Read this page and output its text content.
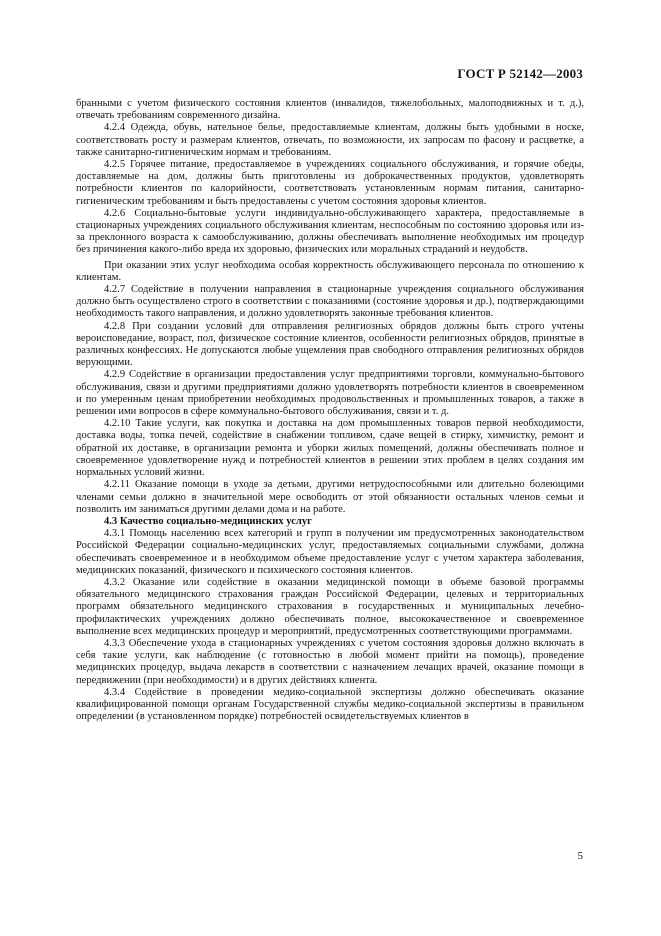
ГОСТ Р 52142—2003

бранными с учетом физического состояния клиентов (инвалидов, тяжелобольных, малоподвижных и т. д.), отвечать требованиям современного дизайна.

4.2.4 Одежда, обувь, нательное белье, предоставляемые клиентам, должны быть удобными в носке, соответствовать росту и размерам клиентов, отвечать, по возможности, их запросам по фасону и расцветке, а также санитарно-гигиеническим нормам и требованиям.

4.2.5 Горячее питание, предоставляемое в учреждениях социального обслуживания, и горячие обеды, доставляемые на дом, должны быть приготовлены из доброкачественных продуктов, удовлетворять потребности клиентов по калорийности, соответствовать установленным нормам питания, санитарно-гигиеническим требованиям и быть предоставлены с учетом состояния здоровья клиентов.

4.2.6 Социально-бытовые услуги индивидуально-обслуживающего характера, предоставляемые в стационарных учреждениях социального обслуживания клиентам, неспособным по состоянию здоровья или из-за преклонного возраста к самообслуживанию, должны обеспечивать выполнение необходимых им процедур без причинения какого-либо вреда их здоровью, физических или моральных страданий и неудобств.

При оказании этих услуг необходима особая корректность обслуживающего персонала по отношению к клиентам.

4.2.7 Содействие в получении направления в стационарные учреждения социального обслуживания должно быть осуществлено строго в соответствии с показаниями (состояние здоровья и др.), подтверждающими необходимость такого направления, и должно удовлетворять законные требования клиентов.

4.2.8 При создании условий для отправления религиозных обрядов должны быть строго учтены вероисповедание, возраст, пол, физическое состояние клиентов, особенности религиозных обрядов, принятые в различных конфессиях. Не допускаются любые ущемления прав свободного отправления религиозных обрядов верующими.

4.2.9 Содействие в организации предоставления услуг предприятиями торговли, коммунально-бытового обслуживания, связи и другими предприятиями должно удовлетворять потребности клиентов в своевременном и по умеренным ценам приобретении необходимых продовольственных и промышленных товаров, а также в решении ими вопросов в сфере коммунально-бытового обслуживания, связи и т. д.

4.2.10 Такие услуги, как покупка и доставка на дом промышленных товаров первой необходимости, доставка воды, топка печей, содействие в снабжении топливом, сдаче вещей в стирку, химчистку, ремонт и обратной их доставке, в организации ремонта и уборки жилых помещений, должны обеспечивать полное и своевременное удовлетворение нужд и потребностей клиентов в решении этих проблем в целях создания им нормальных условий жизни.

4.2.11 Оказание помощи в уходе за детьми, другими нетрудоспособными или длительно болеющими членами семьи должно в значительной мере освободить от этой обязанности остальных членов семьи и позволить им заниматься другими делами дома и на работе.

4.3 Качество социально-медицинских услуг

4.3.1 Помощь населению всех категорий и групп в получении им предусмотренных законодательством Российской Федерации социально-медицинских услуг, предоставляемых социальными службами, должна обеспечивать своевременное и в необходимом объеме предоставление услуг с учетом характера заболевания, медицинских показаний, физического и психического состояния клиентов.

4.3.2 Оказание или содействие в оказании медицинской помощи в объеме базовой программы обязательного медицинского страхования граждан Российской Федерации, целевых и территориальных программ обязательного медицинского страхования в государственных и муниципальных лечебно-профилактических учреждениях должно обеспечивать полное, высококачественное и своевременное выполнение всех медицинских процедур и мероприятий, предусмотренных соответствующими программами.

4.3.3 Обеспечение ухода в стационарных учреждениях с учетом состояния здоровья должно включать в себя такие услуги, как наблюдение (с готовностью в любой момент прийти на помощь), проведение медицинских процедур, выдача лекарств в соответствии с назначением лечащих врачей, оказание помощи в передвижении (при необходимости) и в других действиях клиента.

4.3.4 Содействие в проведении медико-социальной экспертизы должно обеспечивать оказание квалифицированной помощи органам Государственной службы медико-социальной экспертизы в правильном определении (в установленном порядке) потребностей освидетельствуемых клиентов в

5
